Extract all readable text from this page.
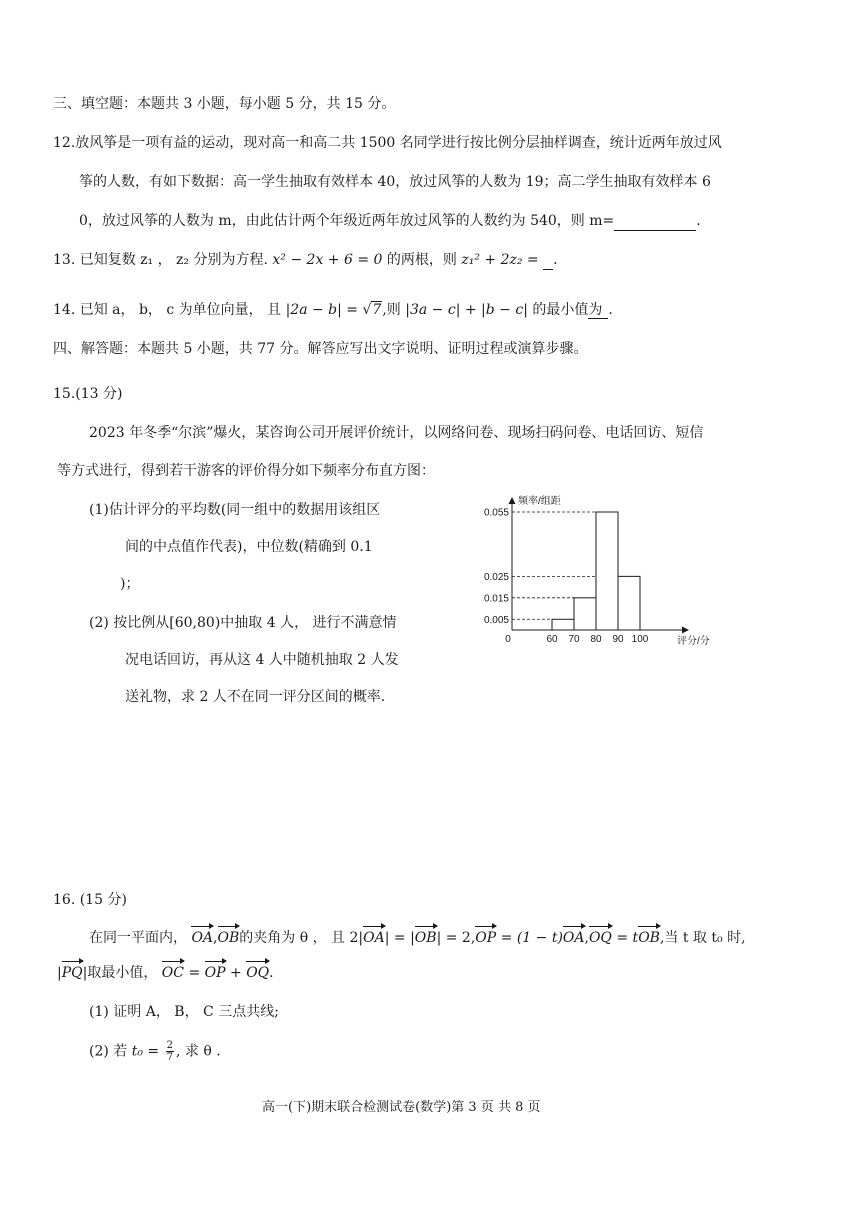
三、填空题：本题共 3 小题，每小题 5 分，共 15 分。
12.放风筝是一项有益的运动，现对高一和高二共 1500 名同学进行按比例分层抽样调查，统计近两年放过风
筝的人数，有如下数据：高一学生抽取有效样本 40，放过风筝的人数为 19；高二学生抽取有效样本 6
0，放过风筝的人数为 m，由此估计两个年级近两年放过风筝的人数约为 540，则 m=	.
13. 已知复数 z₁ ， z₂ 分别为方程. x² − 2x + 6 = 0 的两根，则 z₁² + 2z₂ = .
14. 已知 a， b， c 为单位向量， 且 |2a − b| = √7,则 |3a − c| + |b − c| 的最小值为 .
四、解答题：本题共 5 小题，共 77 分。解答应写出文字说明、证明过程或演算步骤。
15.(13 分)
2023 年冬季“尔滨”爆火，某咨询公司开展评价统计，以网络问卷、现场扫码问卷、电话回访、短信
等方式进行，得到若干游客的评价得分如下频率分布直方图：
(1)估计评分的平均数(同一组中的数据用该组区
间的中点值作代表)，中位数(精确到 0.1
)；
(2) 按比例从[60,80)中抽取 4 人， 进行不满意情
况电话回访，再从这 4 人中随机抽取 2 人发
送礼物，求 2 人不在同一评分区间的概率.
频率/组距
评分/分
0
0.005
0.015
0.025
0.055
60 70 80 90 100
16. (15 分)
在同一平面内， OA,OB的夹角为 θ ， 且 2|OA| = |OB| = 2,OP = (1 − t)OA,OQ = tOB,当 t 取 t₀ 时,
|PQ|取最小值， OC = OP + OQ.
(1) 证明 A， B， C 三点共线;
(2) 若 $t_0 = \frac{2}{7}$ , 求 θ .
高一(下)期末联合检测试卷(数学)第 3 页 共 8 页
